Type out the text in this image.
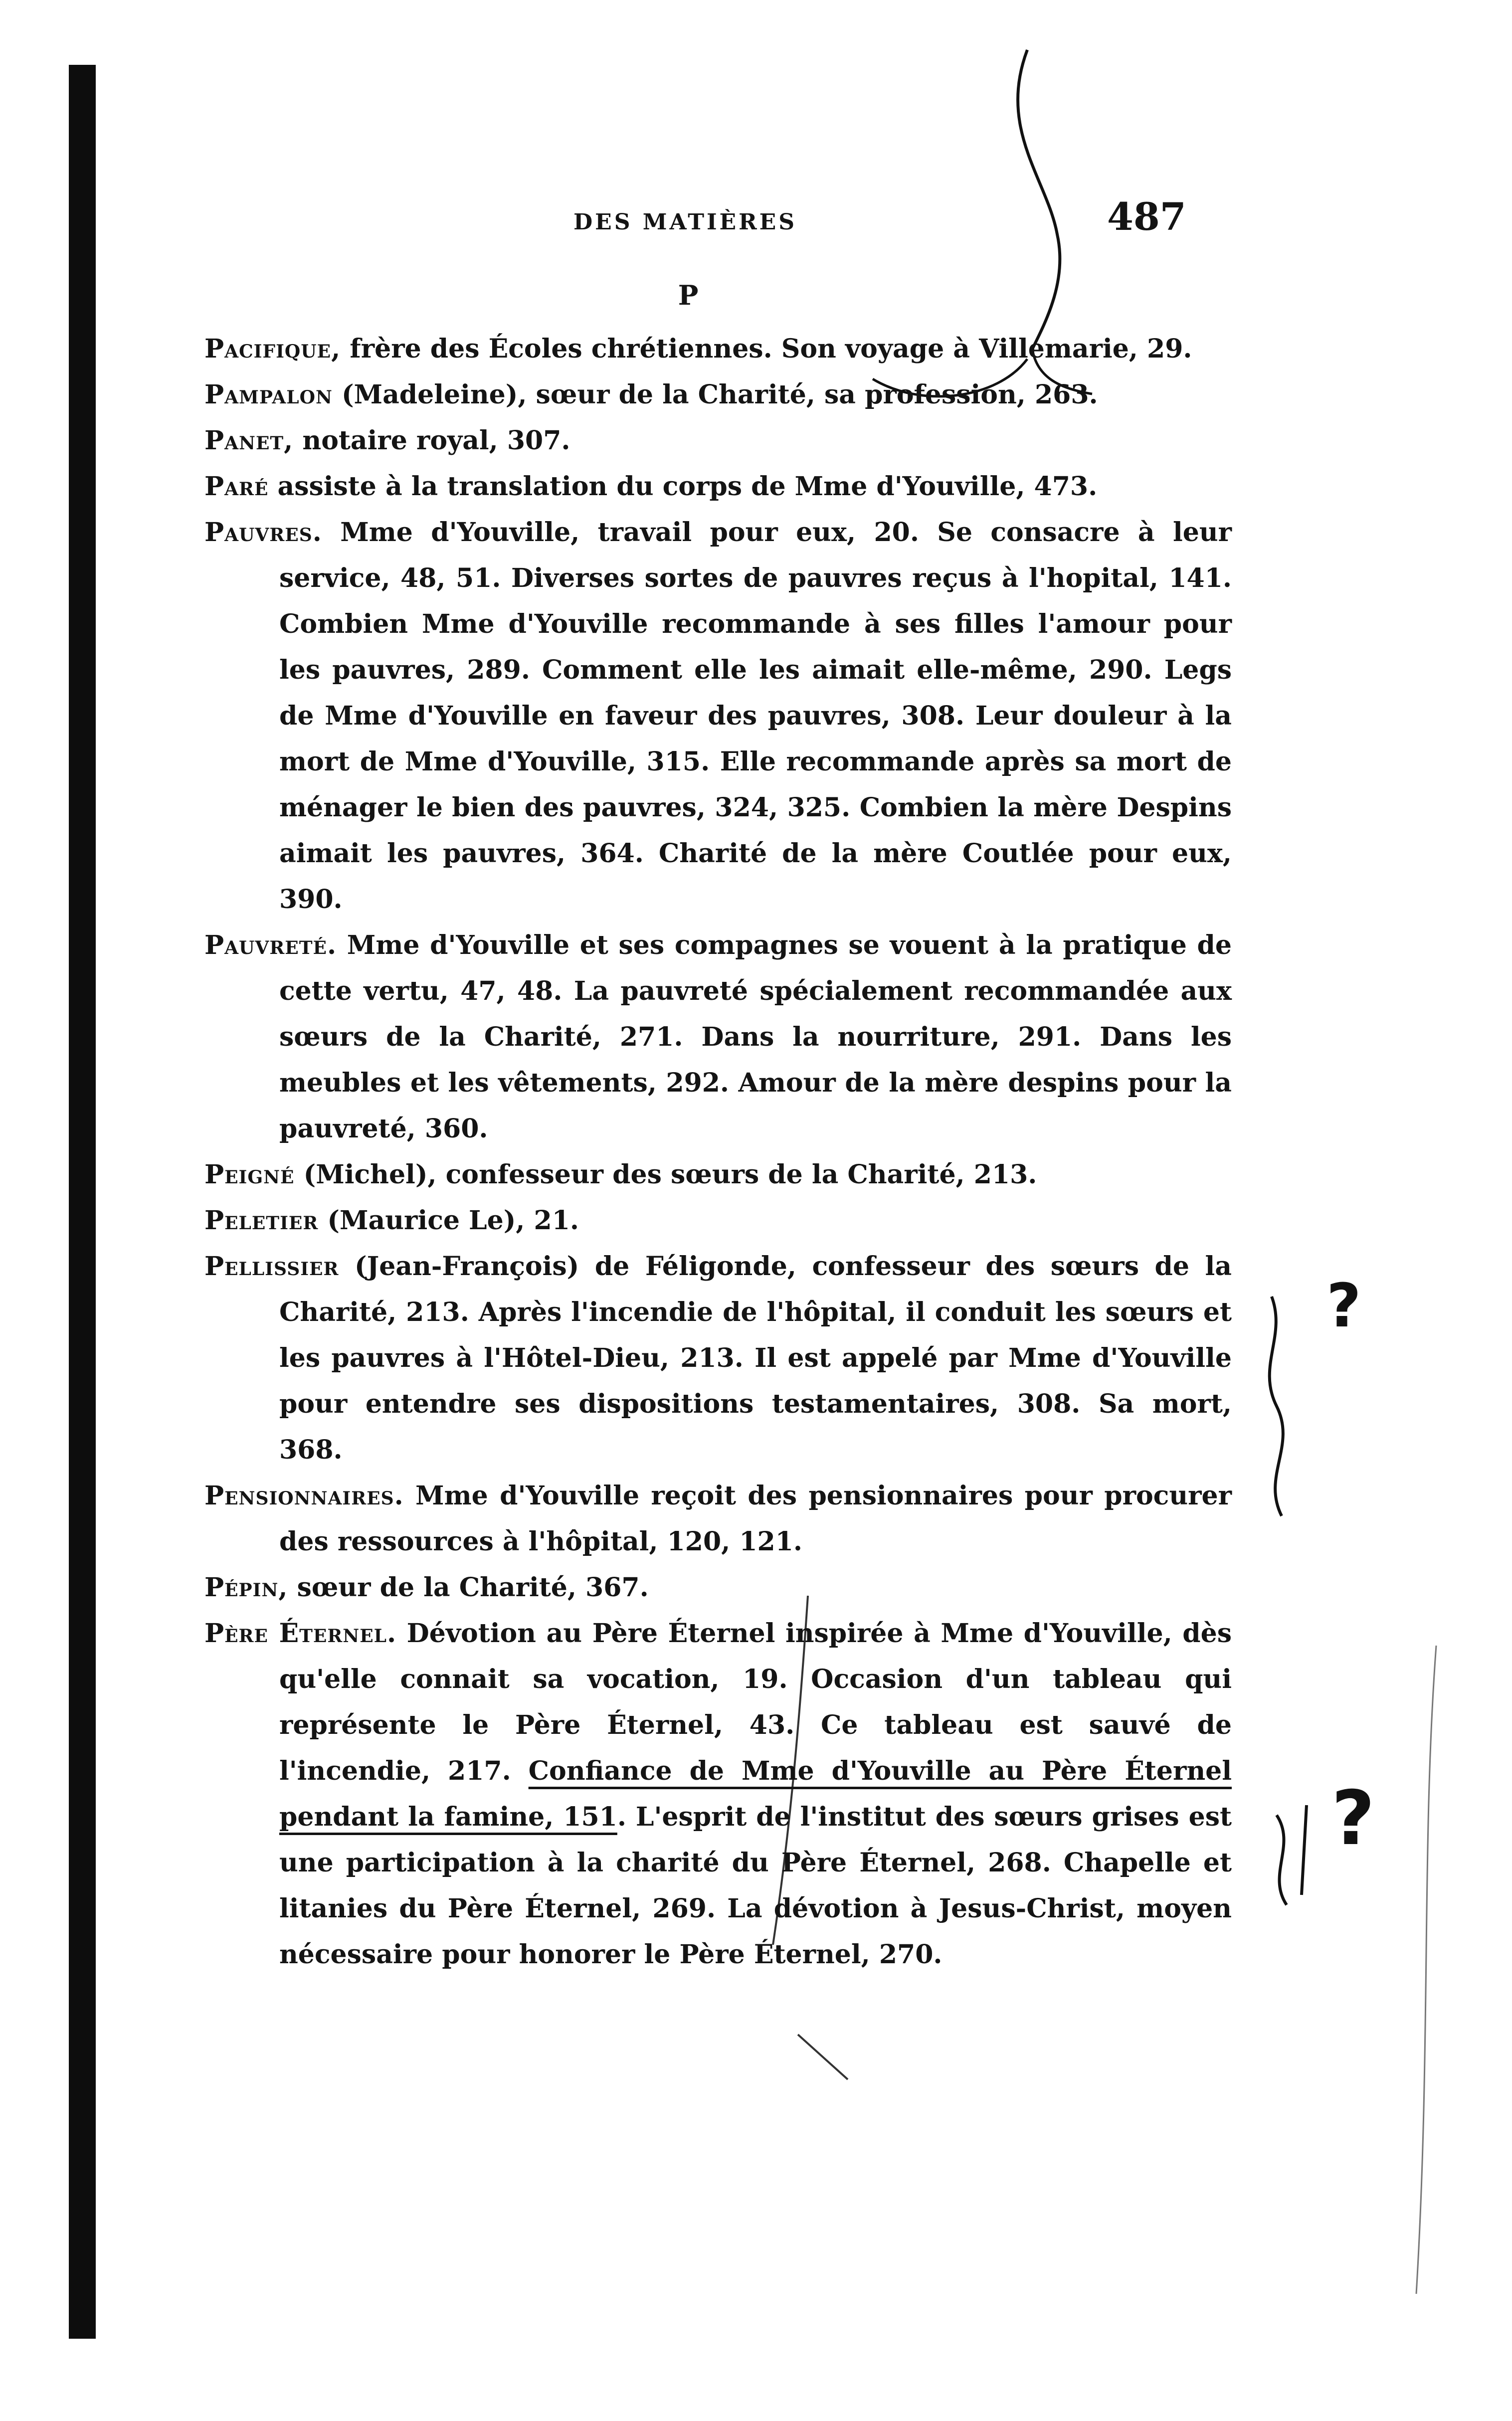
DES MATIÈRES	487
P

Pacifique, frère des Écoles chrétiennes. Son voyage à Villemarie, 29.

Pampalon (Madeleine), sœur de la Charité, sa profession, 263.

Panet, notaire royal, 307.

Paré assiste à la translation du corps de Mme d'Youville, 473.

Pauvres. Mme d'Youville, travail pour eux, 20. Se consacre à leur service, 48, 51. Diverses sortes de pauvres reçus à l'hopital, 141. Combien Mme d'Youville recommande à ses filles l'amour pour les pauvres, 289. Comment elle les aimait elle-même, 290. Legs de Mme d'Youville en faveur des pauvres, 308. Leur douleur à la mort de Mme d'Youville, 315. Elle recommande après sa mort de ménager le bien des pauvres, 324, 325. Combien la mère Despins aimait les pauvres, 364. Charité de la mère Coutlée pour eux, 390.

Pauvreté. Mme d'Youville et ses compagnes se vouent à la pratique de cette vertu, 47, 48. La pauvreté spécialement recommandée aux sœurs de la Charité, 271. Dans la nourriture, 291. Dans les meubles et les vêtements, 292. Amour de la mère despins pour la pauvreté, 360.

Peigné (Michel), confesseur des sœurs de la Charité, 213.

Peletier (Maurice Le), 21.

Pellissier (Jean-François) de Féligonde, confesseur des sœurs de la Charité, 213. Après l'incendie de l'hôpital, il conduit les sœurs et les pauvres à l'Hôtel-Dieu, 213. Il est appelé par Mme d'Youville pour entendre ses dispositions testamentaires, 308. Sa mort, 368.

Pensionnaires. Mme d'Youville reçoit des pensionnaires pour procurer des ressources à l'hôpital, 120, 121.

Pépin, sœur de la Charité, 367.

Père Éternel. Dévotion au Père Éternel inspirée à Mme d'Youville, dès qu'elle connait sa vocation, 19. Occasion d'un tableau qui représente le Père Éternel, 43. Ce tableau est sauvé de l'incendie, 217. Confiance de Mme d'Youville au Père Éternel pendant la famine, 151. L'esprit de l'institut des sœurs grises est une participation à la charité du Père Éternel, 268. Chapelle et litanies du Père Éternel, 269. La dévotion à Jesus-Christ, moyen nécessaire pour honorer le Père Éternel, 270.

?
?
